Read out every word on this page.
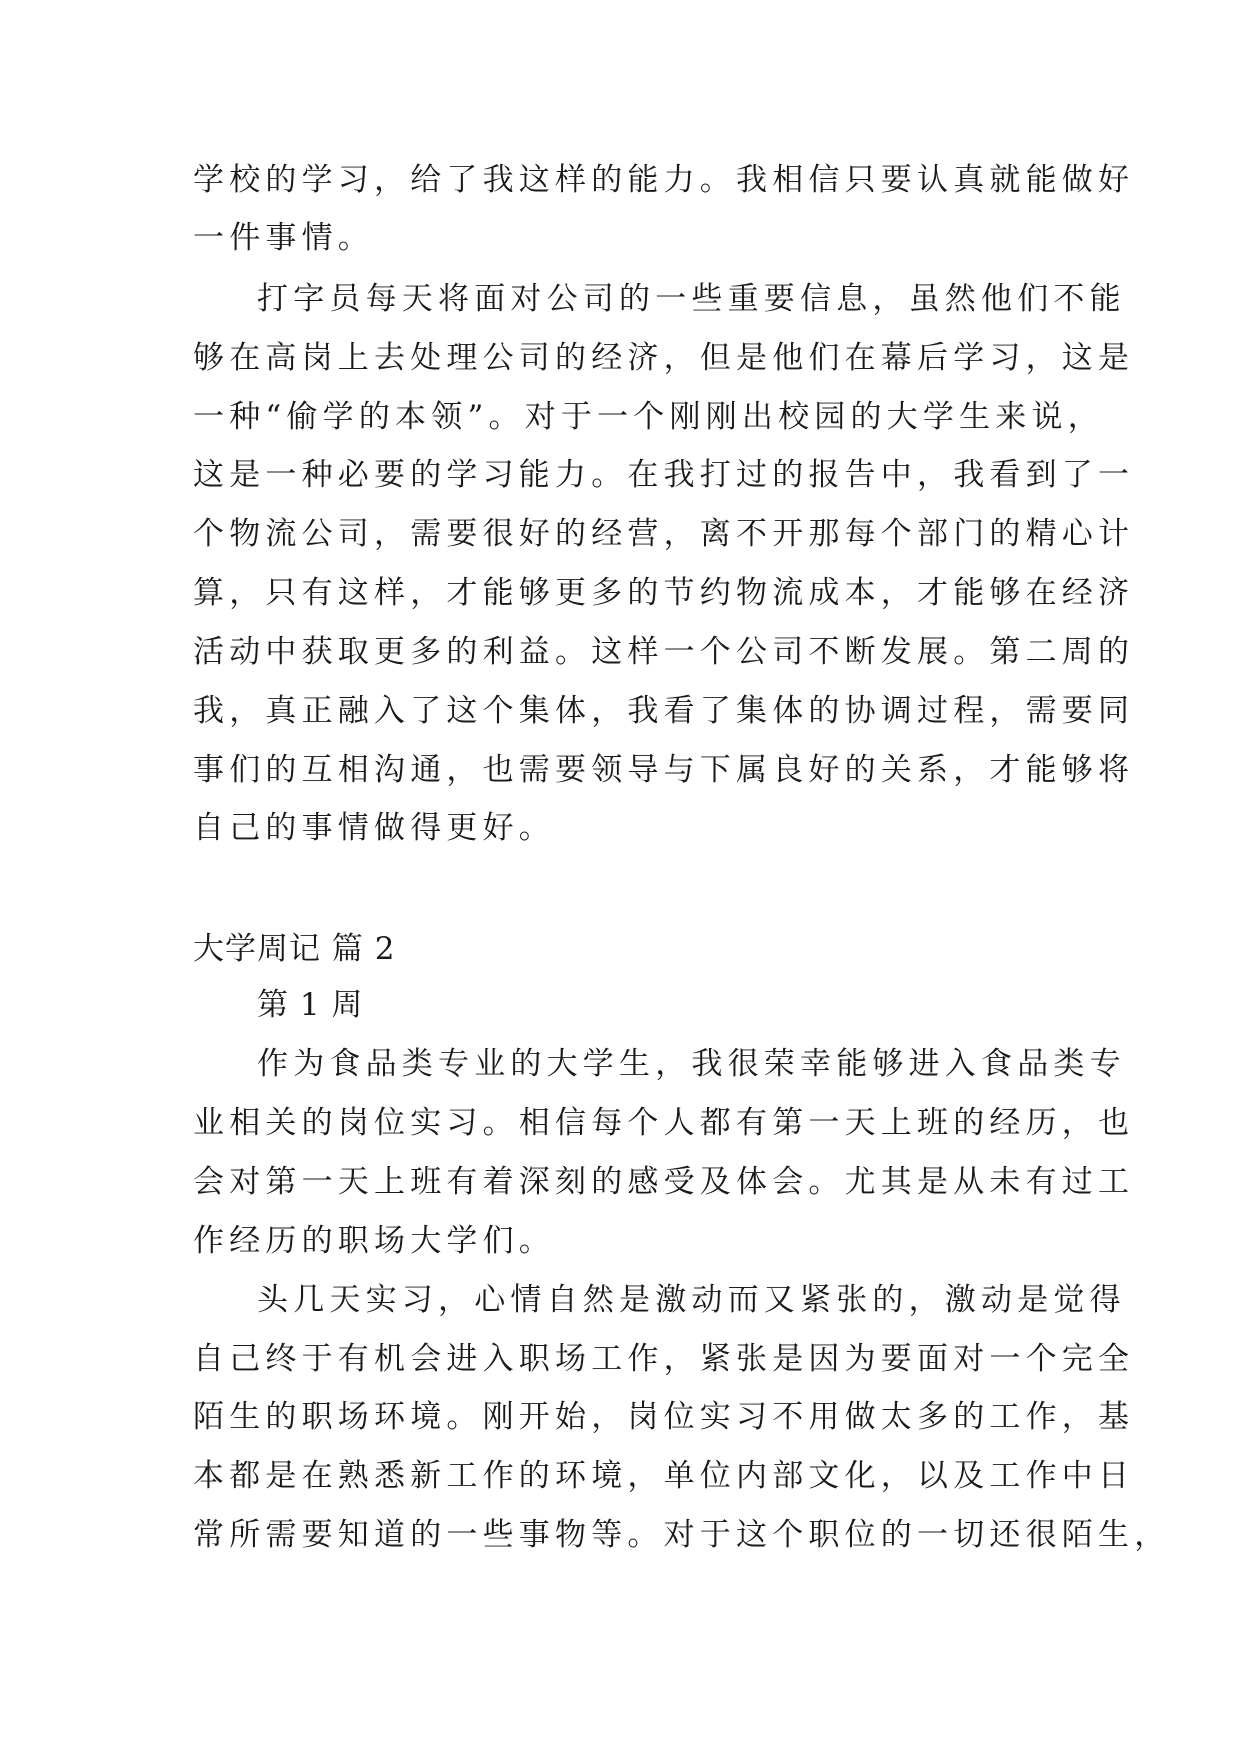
学校的学习，给了我这样的能力。我相信只要认真就能做好
一件事情。
打字员每天将面对公司的一些重要信息，虽然他们不能
够在高岗上去处理公司的经济，但是他们在幕后学习，这是
一种“偷学的本领”。对于一个刚刚出校园的大学生来说，
这是一种必要的学习能力。在我打过的报告中，我看到了一
个物流公司，需要很好的经营，离不开那每个部门的精心计
算，只有这样，才能够更多的节约物流成本，才能够在经济
活动中获取更多的利益。这样一个公司不断发展。第二周的
我，真正融入了这个集体，我看了集体的协调过程，需要同
事们的互相沟通，也需要领导与下属良好的关系，才能够将
自己的事情做得更好。
大学周记 篇 2
第 1 周
作为食品类专业的大学生，我很荣幸能够进入食品类专
业相关的岗位实习。相信每个人都有第一天上班的经历，也
会对第一天上班有着深刻的感受及体会。尤其是从未有过工
作经历的职场大学们。
头几天实习，心情自然是激动而又紧张的，激动是觉得
自己终于有机会进入职场工作，紧张是因为要面对一个完全
陌生的职场环境。刚开始，岗位实习不用做太多的工作，基
本都是在熟悉新工作的环境，单位内部文化，以及工作中日
常所需要知道的一些事物等。对于这个职位的一切还很陌生，
